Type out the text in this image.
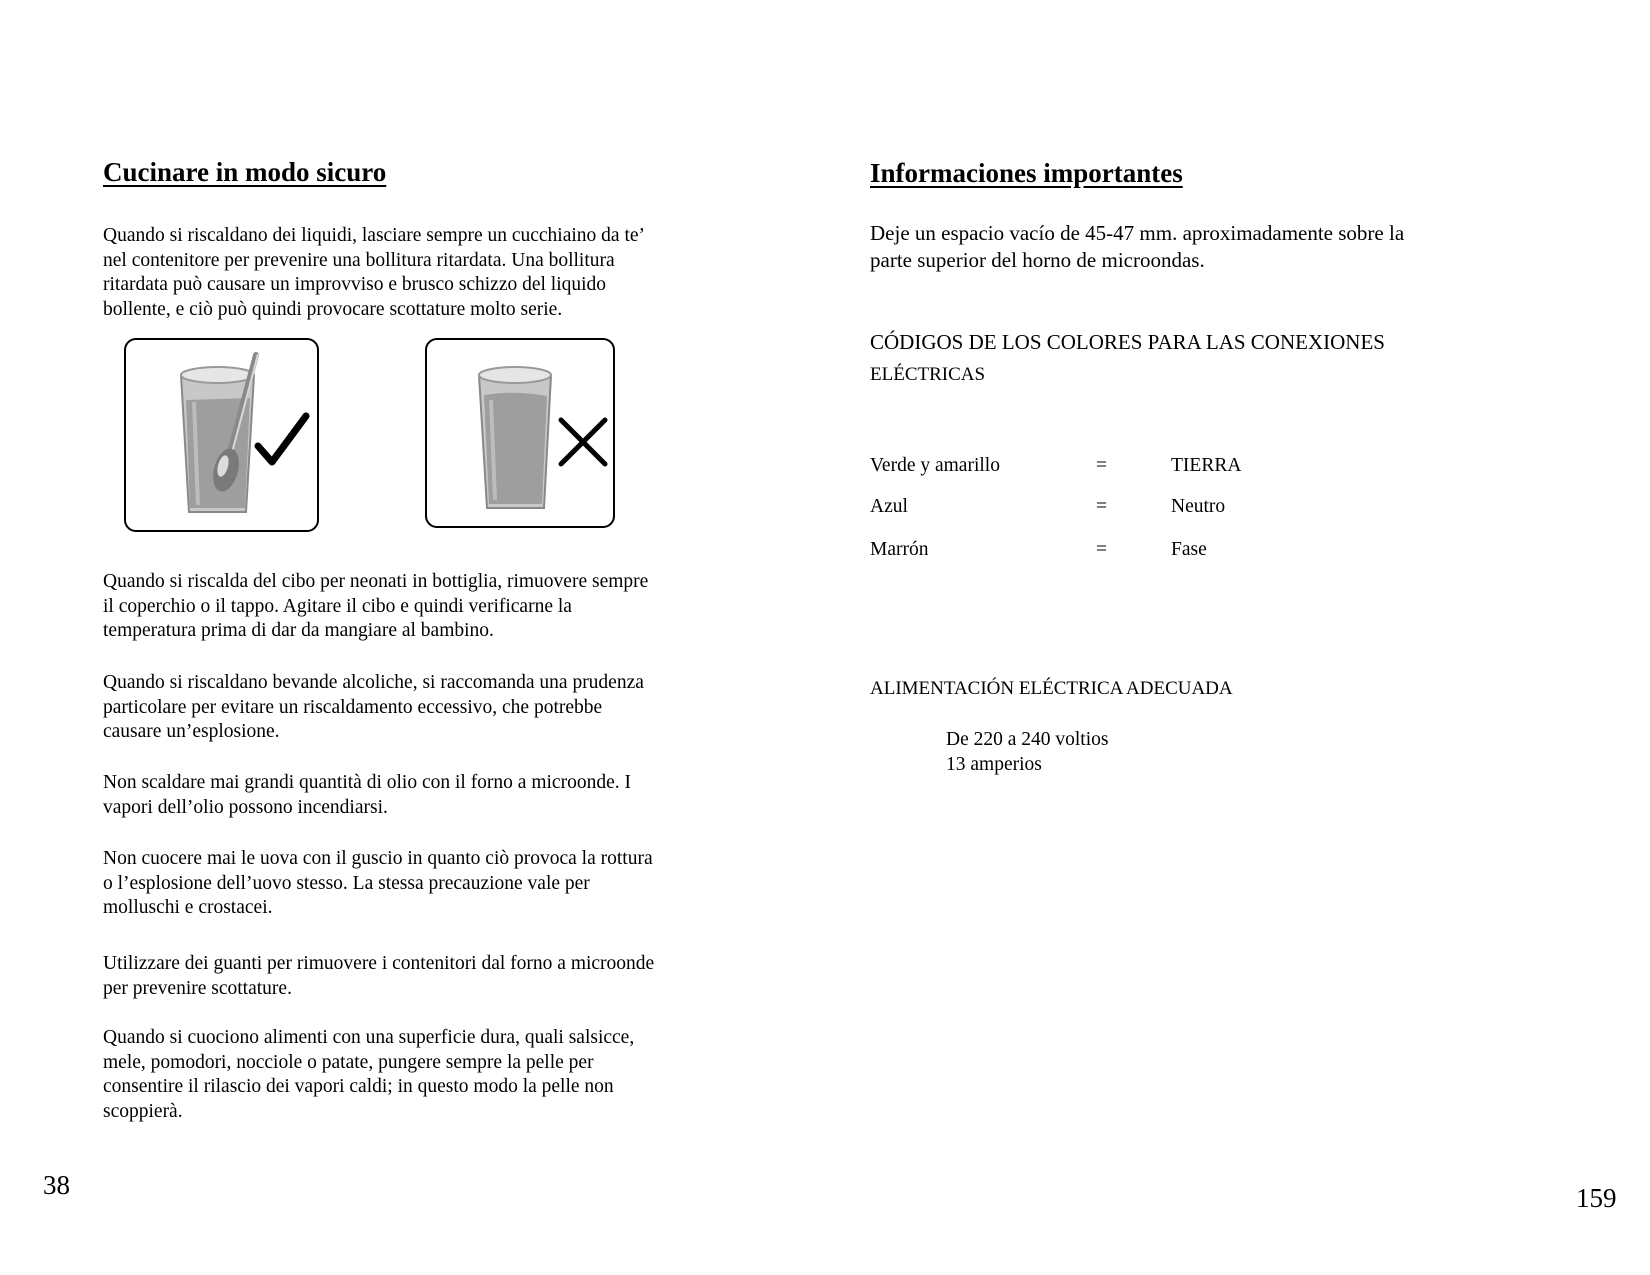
Cucinare in modo sicuro
Quando si riscaldano dei liquidi, lasciare sempre un cucchiaino da te’
nel contenitore per prevenire una bollitura ritardata. Una bollitura
ritardata può causare un improvviso e brusco schizzo del liquido
bollente, e ciò può quindi provocare scottature molto serie.
Quando si riscalda del cibo per neonati in bottiglia, rimuovere sempre
il coperchio o il tappo. Agitare il cibo e quindi verificarne la
temperatura prima di dar da mangiare al bambino.
Quando si riscaldano bevande alcoliche, si raccomanda una prudenza
particolare per evitare un riscaldamento eccessivo, che potrebbe
causare un’esplosione.
Non scaldare mai grandi quantità di olio con il forno a microonde. I
vapori dell’olio possono incendiarsi.
Non cuocere mai le uova con il guscio in quanto ciò provoca la rottura
o l’esplosione dell’uovo stesso. La stessa precauzione vale per
molluschi e crostacei.
Utilizzare dei guanti per rimuovere i contenitori dal forno a microonde
per prevenire scottature.
Quando si cuociono alimenti con una superficie dura, quali salsicce,
mele, pomodori, nocciole o patate, pungere sempre la pelle per
consentire il rilascio dei vapori caldi; in questo modo la pelle non
scoppierà.
38
Informaciones importantes
Deje un espacio vacío de 45-47 mm. aproximadamente sobre la
parte superior del horno de microondas.
CÓDIGOS DE LOS COLORES PARA LAS CONEXIONES
ELÉCTRICAS
Verde y amarillo	=	TIERRA
Azul	=	Neutro
Marrón	=	Fase
ALIMENTACIÓN ELÉCTRICA ADECUADA
De 220 a 240 voltios
13 amperios
159
